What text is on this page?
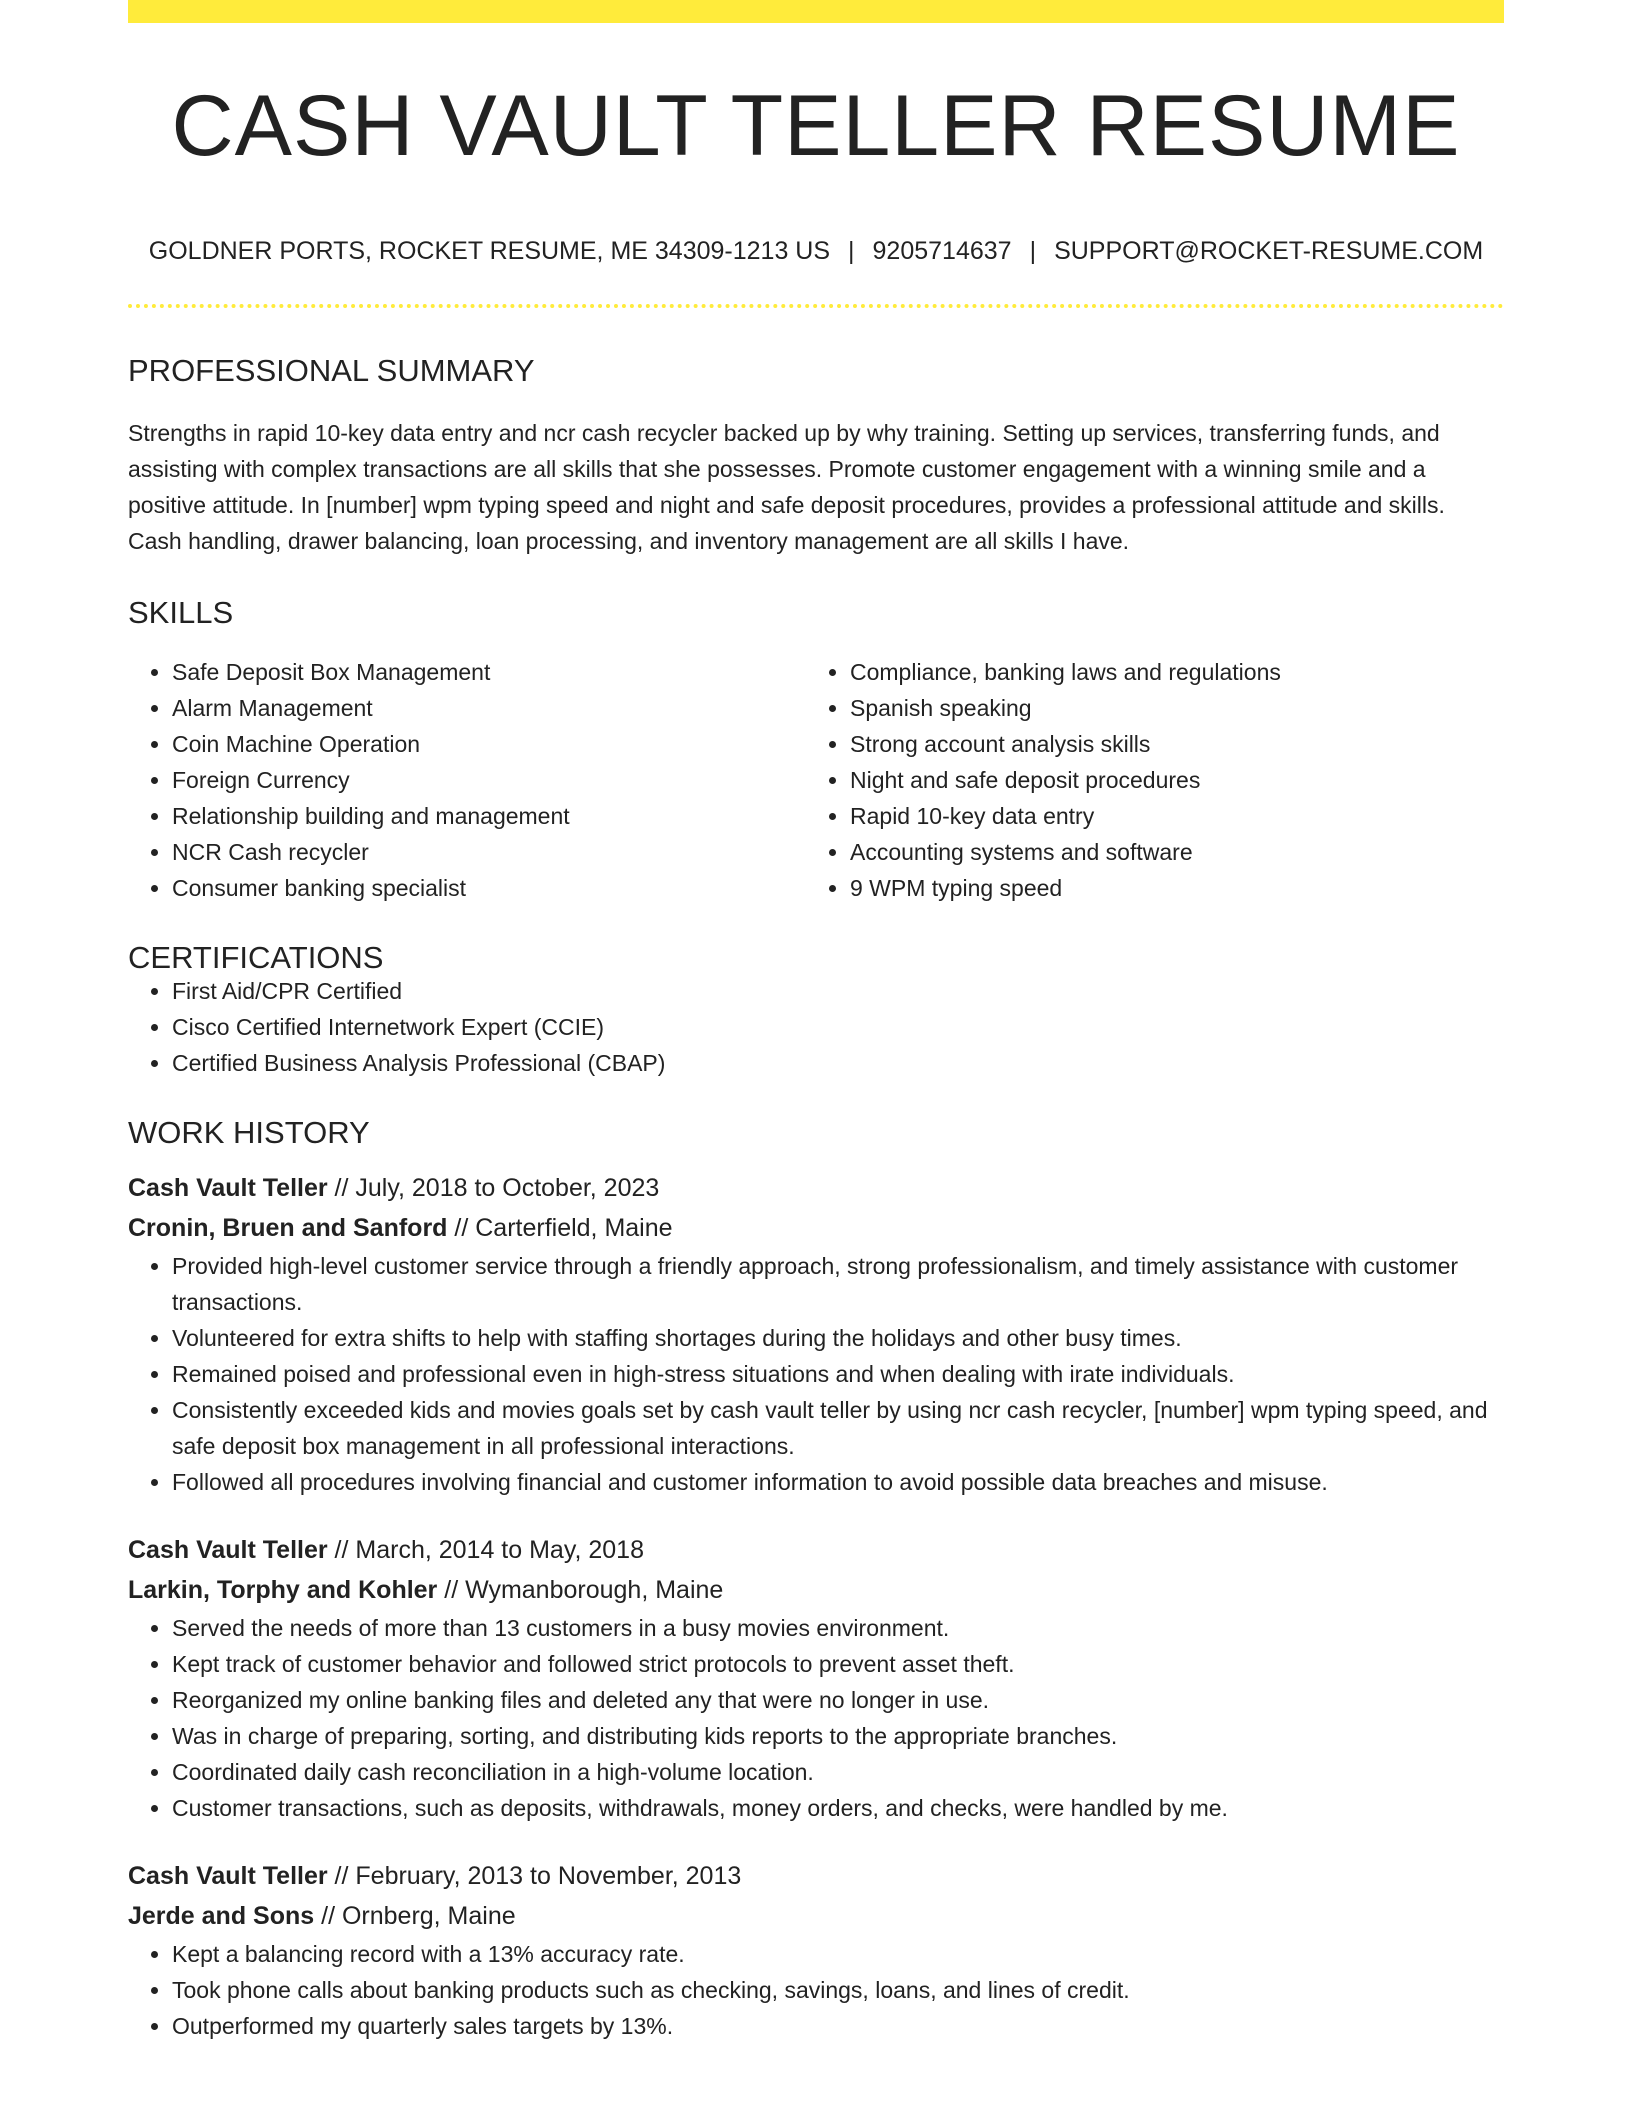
CASH VAULT TELLER RESUME
GOLDNER PORTS, ROCKET RESUME, ME 34309-1213 US | 9205714637 | SUPPORT@ROCKET-RESUME.COM
PROFESSIONAL SUMMARY
Strengths in rapid 10-key data entry and ncr cash recycler backed up by why training. Setting up services, transferring funds, and assisting with complex transactions are all skills that she possesses. Promote customer engagement with a winning smile and a positive attitude. In [number] wpm typing speed and night and safe deposit procedures, provides a professional attitude and skills. Cash handling, drawer balancing, loan processing, and inventory management are all skills I have.
SKILLS
• Safe Deposit Box Management
• Alarm Management
• Coin Machine Operation
• Foreign Currency
• Relationship building and management
• NCR Cash recycler
• Consumer banking specialist
• Compliance, banking laws and regulations
• Spanish speaking
• Strong account analysis skills
• Night and safe deposit procedures
• Rapid 10-key data entry
• Accounting systems and software
• 9 WPM typing speed
CERTIFICATIONS
• First Aid/CPR Certified
• Cisco Certified Internetwork Expert (CCIE)
• Certified Business Analysis Professional (CBAP)
WORK HISTORY
Cash Vault Teller // July, 2018 to October, 2023
Cronin, Bruen and Sanford // Carterfield, Maine
• Provided high-level customer service through a friendly approach, strong professionalism, and timely assistance with customer transactions.
• Volunteered for extra shifts to help with staffing shortages during the holidays and other busy times.
• Remained poised and professional even in high-stress situations and when dealing with irate individuals.
• Consistently exceeded kids and movies goals set by cash vault teller by using ncr cash recycler, [number] wpm typing speed, and safe deposit box management in all professional interactions.
• Followed all procedures involving financial and customer information to avoid possible data breaches and misuse.
Cash Vault Teller // March, 2014 to May, 2018
Larkin, Torphy and Kohler // Wymanborough, Maine
• Served the needs of more than 13 customers in a busy movies environment.
• Kept track of customer behavior and followed strict protocols to prevent asset theft.
• Reorganized my online banking files and deleted any that were no longer in use.
• Was in charge of preparing, sorting, and distributing kids reports to the appropriate branches.
• Coordinated daily cash reconciliation in a high-volume location.
• Customer transactions, such as deposits, withdrawals, money orders, and checks, were handled by me.
Cash Vault Teller // February, 2013 to November, 2013
Jerde and Sons // Ornberg, Maine
• Kept a balancing record with a 13% accuracy rate.
• Took phone calls about banking products such as checking, savings, loans, and lines of credit.
• Outperformed my quarterly sales targets by 13%.
